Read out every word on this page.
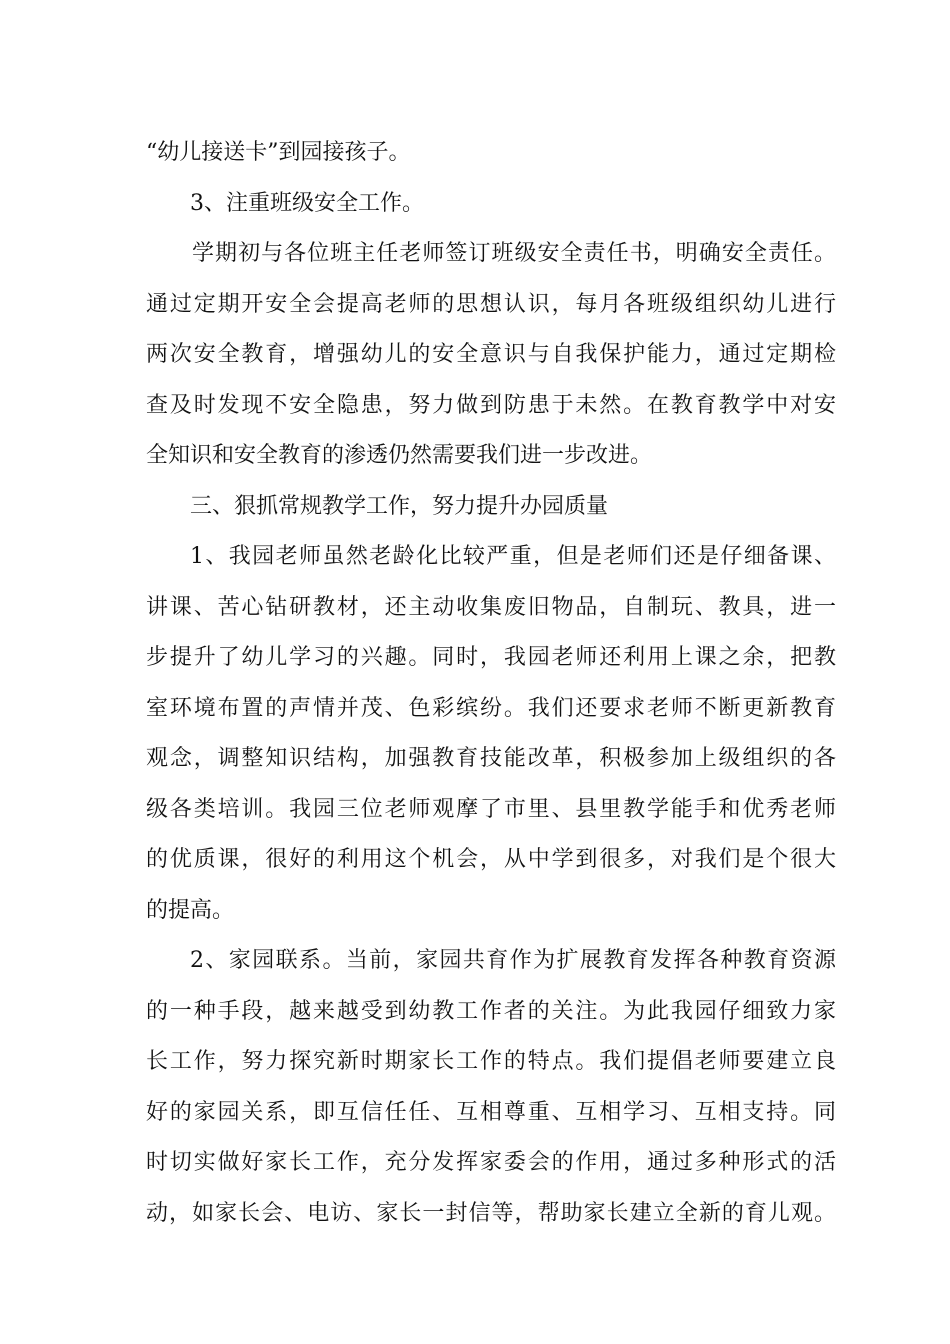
“幼儿接送卡”到园接孩子。
3、注重班级安全工作。
学期初与各位班主任老师签订班级安全责任书，明确安全责任。
通过定期开安全会提高老师的思想认识，每月各班级组织幼儿进行
两次安全教育，增强幼儿的安全意识与自我保护能力，通过定期检
查及时发现不安全隐患，努力做到防患于未然。在教育教学中对安
全知识和安全教育的渗透仍然需要我们进一步改进。
三、狠抓常规教学工作，努力提升办园质量
1、我园老师虽然老龄化比较严重，但是老师们还是仔细备课、
讲课、苦心钻研教材，还主动收集废旧物品，自制玩、教具，进一
步提升了幼儿学习的兴趣。同时，我园老师还利用上课之余，把教
室环境布置的声情并茂、色彩缤纷。我们还要求老师不断更新教育
观念，调整知识结构，加强教育技能改革，积极参加上级组织的各
级各类培训。我园三位老师观摩了市里、县里教学能手和优秀老师
的优质课，很好的利用这个机会，从中学到很多，对我们是个很大
的提高。
2、家园联系。当前，家园共育作为扩展教育发挥各种教育资源
的一种手段，越来越受到幼教工作者的关注。为此我园仔细致力家
长工作，努力探究新时期家长工作的特点。我们提倡老师要建立良
好的家园关系，即互信任任、互相尊重、互相学习、互相支持。同
时切实做好家长工作，充分发挥家委会的作用，通过多种形式的活
动，如家长会、电访、家长一封信等，帮助家长建立全新的育儿观。
